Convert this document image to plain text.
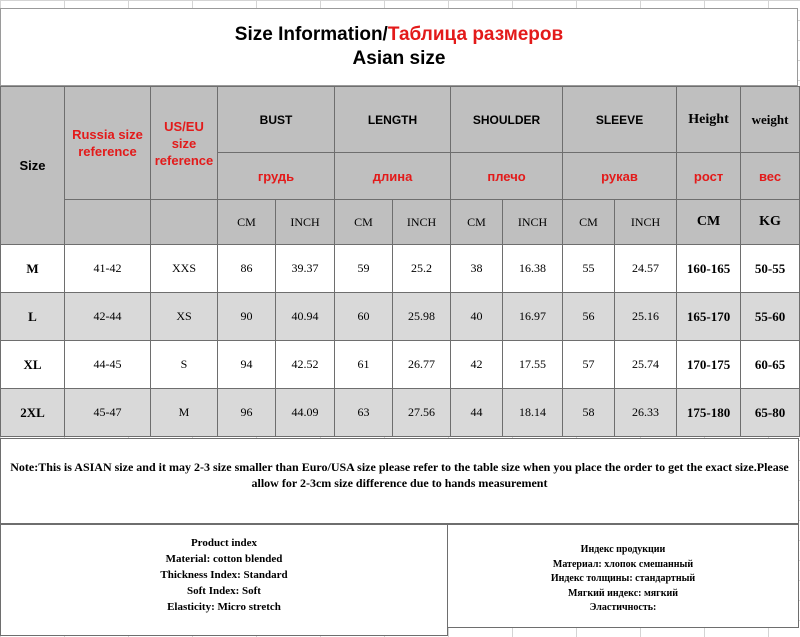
Size Information/Таблица размеров
Asian size
Size	Russia size reference	US/EU size reference	BUST		LENGTH		SHOULDER		SLEEVE		Height	weight
			грудь		длина		плечо		рукав		рост	вес
			CM	INCH	CM	INCH	CM	INCH	CM	INCH	CM	KG
M	41-42	XXS	86	39.37	59	25.2	38	16.38	55	24.57	160-165	50-55
L	42-44	XS	90	40.94	60	25.98	40	16.97	56	25.16	165-170	55-60
XL	44-45	S	94	42.52	61	26.77	42	17.55	57	25.74	170-175	60-65
2XL	45-47	M	96	44.09	63	27.56	44	18.14	58	26.33	175-180	65-80
Note:This is ASIAN size and it may 2-3 size smaller than Euro/USA size please refer to the table size when you place the order to get the exact size.Please allow for 2-3cm size difference due to hands measurement
Product index
Material: cotton blended
Thickness Index: Standard
Soft Index: Soft
Elasticity: Micro stretch
Индекс продукции
Материал: хлопок смешанный
Индекс толщины: стандартный
Мягкий индекс: мягкий
Эластичность:
